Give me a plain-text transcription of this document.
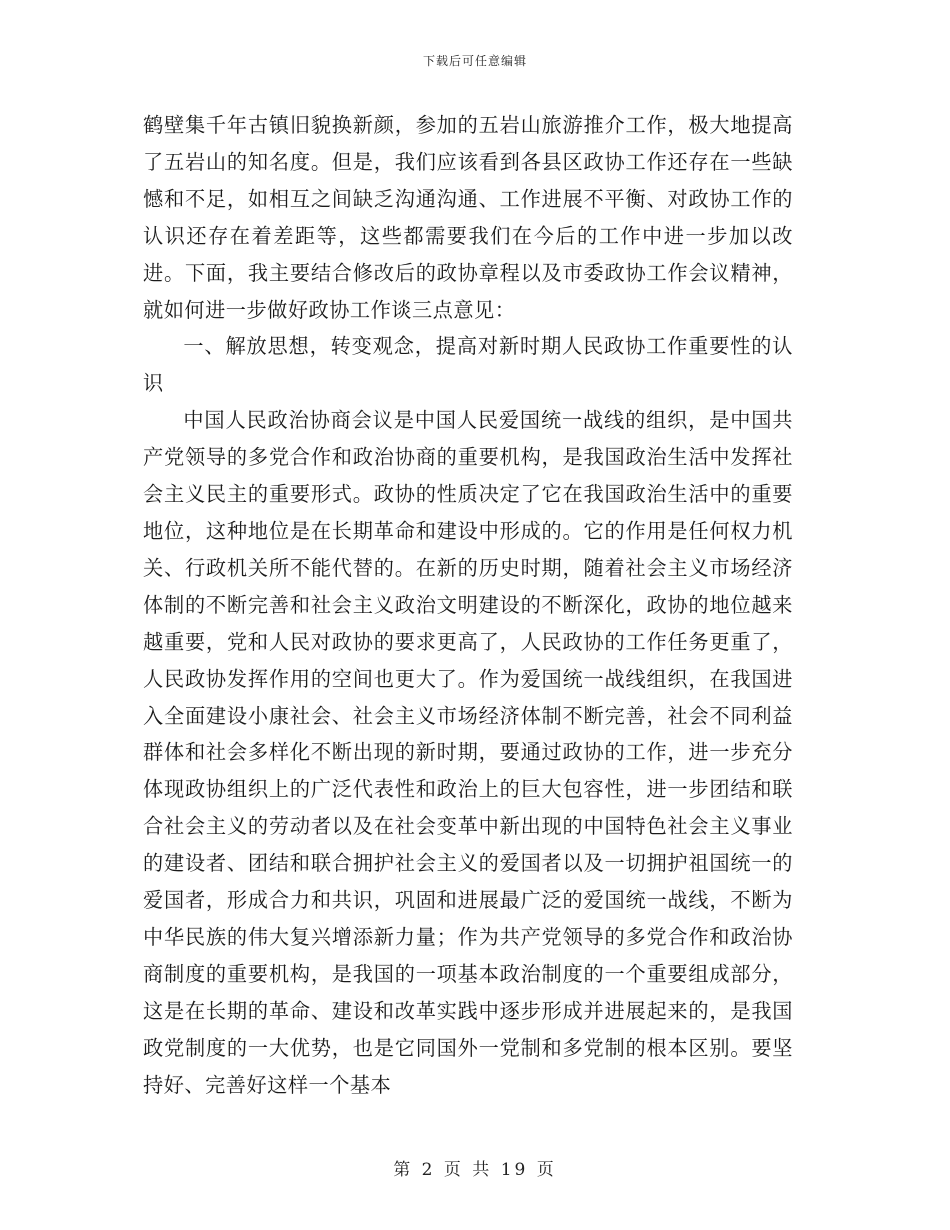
下载后可任意编辑

鹤壁集千年古镇旧貌换新颜，参加的五岩山旅游推介工作，极大地提高了五岩山的知名度。但是，我们应该看到各县区政协工作还存在一些缺憾和不足，如相互之间缺乏沟通沟通、工作进展不平衡、对政协工作的认识还存在着差距等，这些都需要我们在今后的工作中进一步加以改进。下面，我主要结合修改后的政协章程以及市委政协工作会议精神，就如何进一步做好政协工作谈三点意见：

一、解放思想，转变观念，提高对新时期人民政协工作重要性的认识

中国人民政治协商会议是中国人民爱国统一战线的组织，是中国共产党领导的多党合作和政治协商的重要机构，是我国政治生活中发挥社会主义民主的重要形式。政协的性质决定了它在我国政治生活中的重要地位，这种地位是在长期革命和建设中形成的。它的作用是任何权力机关、行政机关所不能代替的。在新的历史时期，随着社会主义市场经济体制的不断完善和社会主义政治文明建设的不断深化，政协的地位越来越重要，党和人民对政协的要求更高了，人民政协的工作任务更重了，人民政协发挥作用的空间也更大了。作为爱国统一战线组织，在我国进入全面建设小康社会、社会主义市场经济体制不断完善，社会不同利益群体和社会多样化不断出现的新时期，要通过政协的工作，进一步充分体现政协组织上的广泛代表性和政治上的巨大包容性，进一步团结和联合社会主义的劳动者以及在社会变革中新出现的中国特色社会主义事业的建设者、团结和联合拥护社会主义的爱国者以及一切拥护祖国统一的爱国者，形成合力和共识，巩固和进展最广泛的爱国统一战线，不断为中华民族的伟大复兴增添新力量；作为共产党领导的多党合作和政治协商制度的重要机构，是我国的一项基本政治制度的一个重要组成部分，这是在长期的革命、建设和改革实践中逐步形成并进展起来的，是我国政党制度的一大优势，也是它同国外一党制和多党制的根本区别。要坚持好、完善好这样一个基本

第 2 页 共 19 页
